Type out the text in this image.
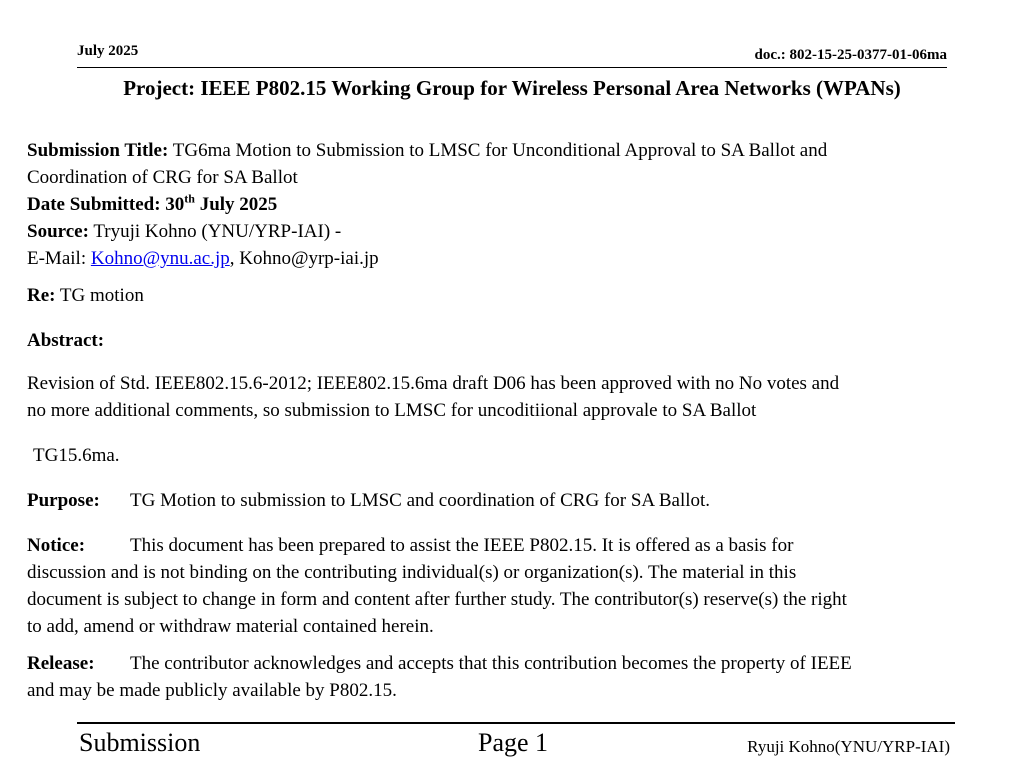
July 2025	doc.: 802-15-25-0377-01-06ma
Project: IEEE P802.15 Working Group for Wireless Personal Area Networks (WPANs)
Submission Title: TG6ma Motion to Submission to LMSC for Unconditional Approval to SA Ballot and
Coordination of CRG for SA Ballot
Date Submitted: 30th July 2025
Source: Tryuji Kohno (YNU/YRP-IAI) -
E-Mail: Kohno@ynu.ac.jp, Kohno@yrp-iai.jp
Re: TG motion
Abstract:
Revision of Std. IEEE802.15.6-2012; IEEE802.15.6ma draft D06 has been approved with no No votes and
no more additional comments, so submission to LMSC for uncoditiional approvale to SA Ballot
TG15.6ma.
Purpose: TG Motion to submission to LMSC and coordination of CRG for SA Ballot.
Notice: This document has been prepared to assist the IEEE P802.15. It is offered as a basis for
discussion and is not binding on the contributing individual(s) or organization(s). The material in this
document is subject to change in form and content after further study. The contributor(s) reserve(s) the right
to add, amend or withdraw material contained herein.
Release: The contributor acknowledges and accepts that this contribution becomes the property of IEEE
and may be made publicly available by P802.15.
Submission	Page 1	Ryuji Kohno(YNU/YRP-IAI)
